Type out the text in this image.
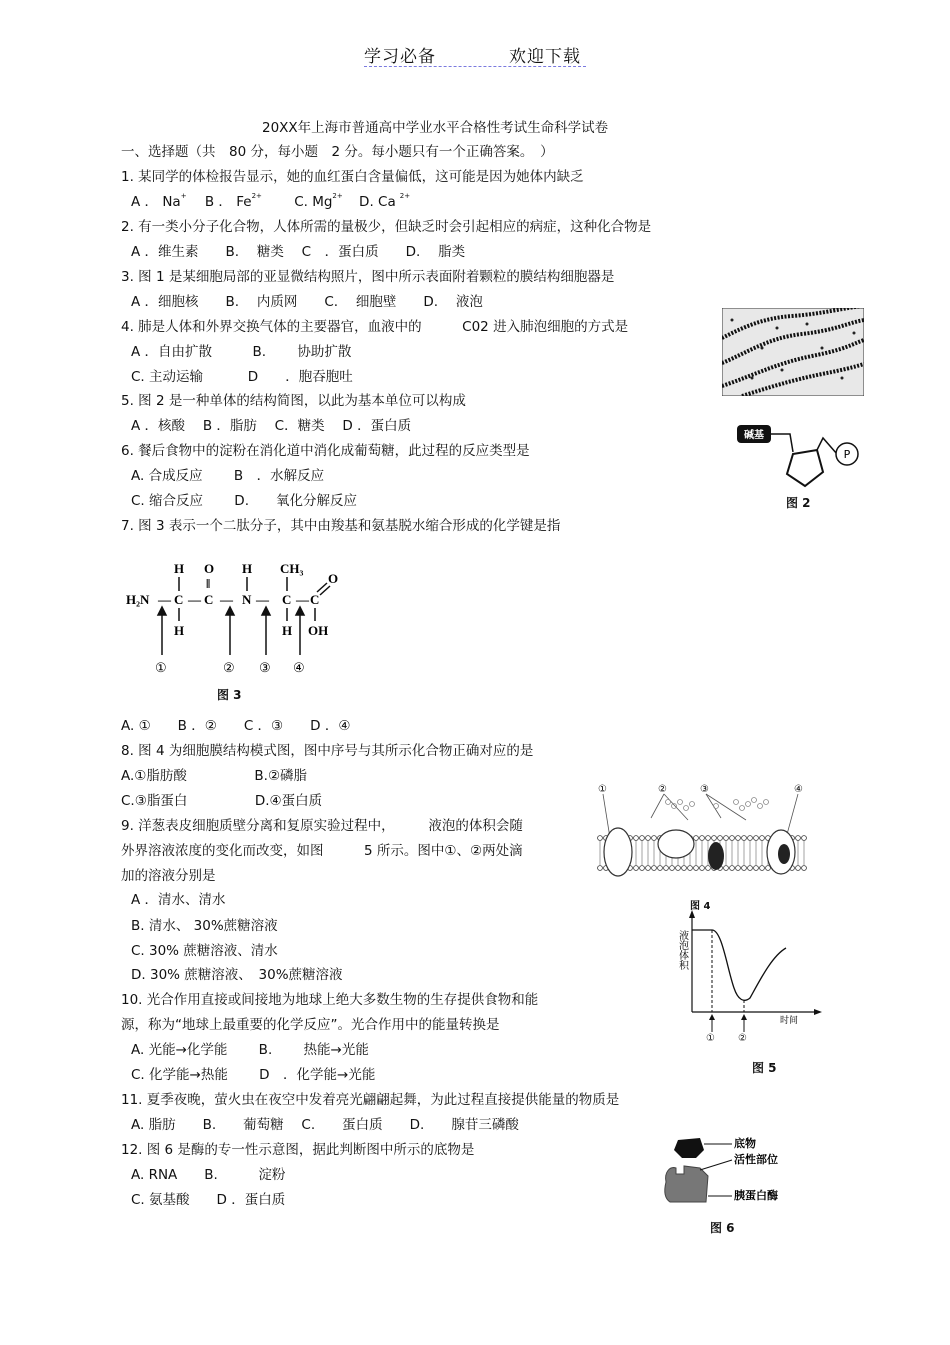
学习必备	欢迎下载
20XX年上海市普通高中学业水平合格性考试生命科学试卷
一、选择题（共　80 分，每小题　2 分。每小题只有一个正确答案。　）
1. 某同学的体检报告显示，她的血红蛋白含量偏低，这可能是因为她体内缺乏
A ． Na+ B ． $Fe^{2+}$ C. $Mg^{2+}$ D. Ca $^{2+}$
2. 有一类小分子化合物，人体所需的量极少，但缺乏时会引起相应的病症，这种化合物是
A ．维生素　　B.　 糖类　 C　．蛋白质　　D.　 脂类
3. 图 1 是某细胞局部的亚显微结构照片，图中所示表面附着颗粒的膜结构细胞器是
A ．细胞核　　B.　 内质网　　C.　 细胞壁　　D.　 液泡
4. 肺是人体和外界交换气体的主要器官，血液中的　　　C02 进入肺泡细胞的方式是
A ．自由扩散　　　B.　　 协助扩散
C. 主动运输　　　 D　　．胞吞胞吐
5. 图 2 是一种单体的结构简图，以此为基本单位可以构成
A ．核酸　 B ．脂肪　 C．糖类　 D ．蛋白质
6. 餐后食物中的淀粉在消化道中消化成葡萄糖，此过程的反应类型是
A. 合成反应　　 B　．水解反应
C. 缩合反应　　 D.　　氧化分解反应
7. 图 3 表示一个二肽分子，其中由羧基和氨基脱水缩合形成的化学键是指
A. ①　　B ．②　　C ．③　　D ．④
8. 图 4 为细胞膜结构模式图，图中序号与其所示化合物正确对应的是
A.①脂肪酸　　　　　B.②磷脂
C.③脂蛋白　　　　　D.④蛋白质
9. 洋葱表皮细胞质壁分离和复原实验过程中，　　　液泡的体积会随
外界溶液浓度的变化而改变，如图　　　5 所示。图中①、②两处滴
加的溶液分别是
A ．清水、清水
B. 清水、 30%蔗糖溶液
C. 30% 蔗糖溶液、清水
D. 30% 蔗糖溶液、　30%蔗糖溶液
10. 光合作用直接或间接地为地球上绝大多数生物的生存提供食物和能
源，称为“地球上最重要的化学反应”。光合作用中的能量转换是
A. 光能→化学能　　 B.　　 热能→光能
C. 化学能→热能　　 D　．化学能→光能
11. 夏季夜晚，萤火虫在夜空中发着亮光翩翩起舞，为此过程直接提供能量的物质是
A. 脂肪　　B.　　葡萄糖　 C.　　蛋白质　　D.　　腺苷三磷酸
12. 图 6 是酶的专一性示意图，据此判断图中所示的底物是
A. RNA　　B.　　　淀粉
C. 氨基酸　　D ．蛋白质
碱基
P
图 2
H₂N —
H
C
H
—
O
‖
C —
H
N —
CH₃
C
H
— C
O
OH
①	② ③ ④
图 3
①	②	③	④
图 4
液泡体积
时间
① ②
图 5
底物
活性部位
胰蛋白酶
图 6
